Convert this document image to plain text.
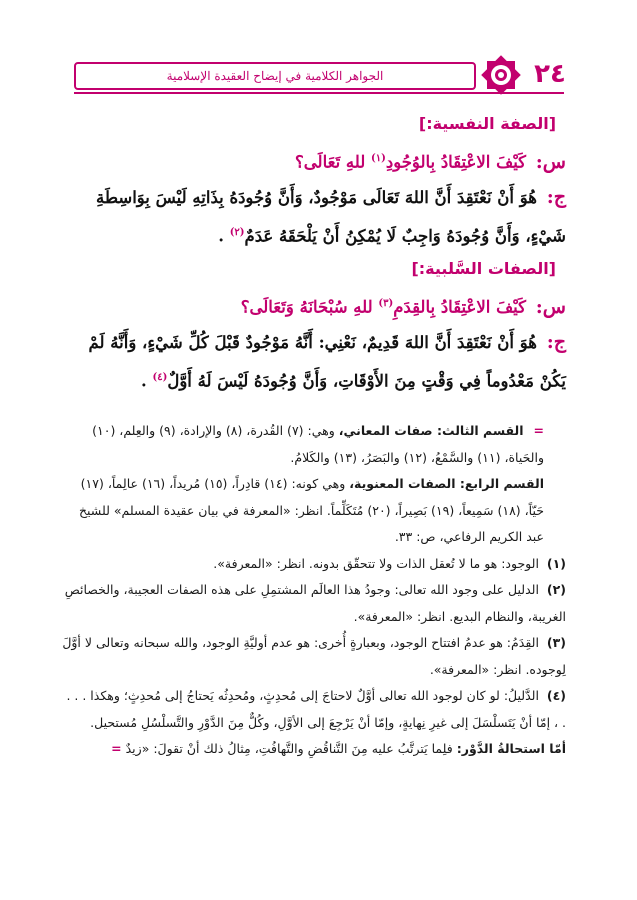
٢٤
الجواهر الكلامية في إيضاح العقيدة الإسلامية
[الصفة النفسية:]

س: كَيْفَ الاعْتِقَادُ بِالوُجُودِ$^{(١)}$ للهِ تَعَالَى؟

ج: هُوَ أَنْ نَعْتَقِدَ أَنَّ اللهَ تَعَالَى مَوْجُودٌ، وَأَنَّ وُجُودَهُ بِذَاتِهِ لَيْسَ بِوَاسِطَةِ شَيْءٍ، وَأَنَّ وُجُودَهُ وَاجِبٌ لَا يُمْكِنُ أَنْ يَلْحَقَهُ عَدَمٌ$^{(٢)}$ .

[الصفات السَّلبية:]

س: كَيْفَ الاعْتِقَادُ بِالقِدَمِ$^{(٣)}$ للهِ سُبْحَانَهُ وَتَعَالَى؟

ج: هُوَ أَنْ نَعْتَقِدَ أَنَّ اللهَ قَدِيمٌ، نَعْنِي: أَنَّهُ مَوْجُودٌ قَبْلَ كُلِّ شَيْءٍ، وَأَنَّهُ لَمْ يَكُنْ مَعْدُوماً فِي وَقْتٍ مِنَ الأَوْقَاتِ، وَأَنَّ وُجُودَهُ لَيْسَ لَهُ أَوَّلٌ$^{(٤)}$ .

= القسم الثالث: صفات المعاني، وهي: (٧) القُدرة، (٨) والإرادة، (٩) والعِلم، (١٠) والحَياة، (١١) والسَّمْعُ، (١٢) والبَصَرُ، (١٣) والكَلامُ.

القسم الرابع: الصفات المعنوية، وهي كونه: (١٤) قادِراً، (١٥) مُريداً، (١٦) عالِماً، (١٧) حَيّاً، (١٨) سَمِيعاً، (١٩) بَصِيراً، (٢٠) مُتَكَلِّماً. انظر: «المعرفة في بيان عقيدة المسلم» للشيخ عبد الكريم الرفاعي، ص: ٣٣.

(١) الوجود: هو ما لا تُعقل الذات ولا تتحقّق بدونه. انظر: «المعرفة».

(٢) الدليل على وجود الله تعالى: وجودُ هذا العالَم المشتمِلِ على هذه الصفات العجيبة، والخصائصِ الغريبة، والنظام البديع. انظر: «المعرفة».

(٣) القِدَمُ: هو عدمُ افتتاح الوجود، وبعبارةٍ أُخرى: هو عدم أوليَّةِ الوجود، والله سبحانه وتعالى لا أوَّلَ لِوجوده. انظر: «المعرفة».

(٤) الدَّليلُ: لو كان لوجود الله تعالى أوَّلٌ لاحتاجَ إلى مُحدِثٍ، ومُحدِثُه يَحتاجُ إلى مُحدِثٍ؛ وهكذا . . . . ، إمّا أنْ يَتَسلْسَلَ إلى غيرِ نِهايةٍ، وإمّا أنْ يَرْجِعَ إلى الأوَّلِ، وكُلٌّ مِنَ الدَّوْرِ والتَّسلْسُلِ مُستحيل.

أمّا استحالةُ الدَّوْر: فلِما يَترتَّبُ عليه مِنَ التَّناقُضِ والتَّهافُتِ، مِثالُ ذلك أنْ تقولَ: «زيدٌ =
